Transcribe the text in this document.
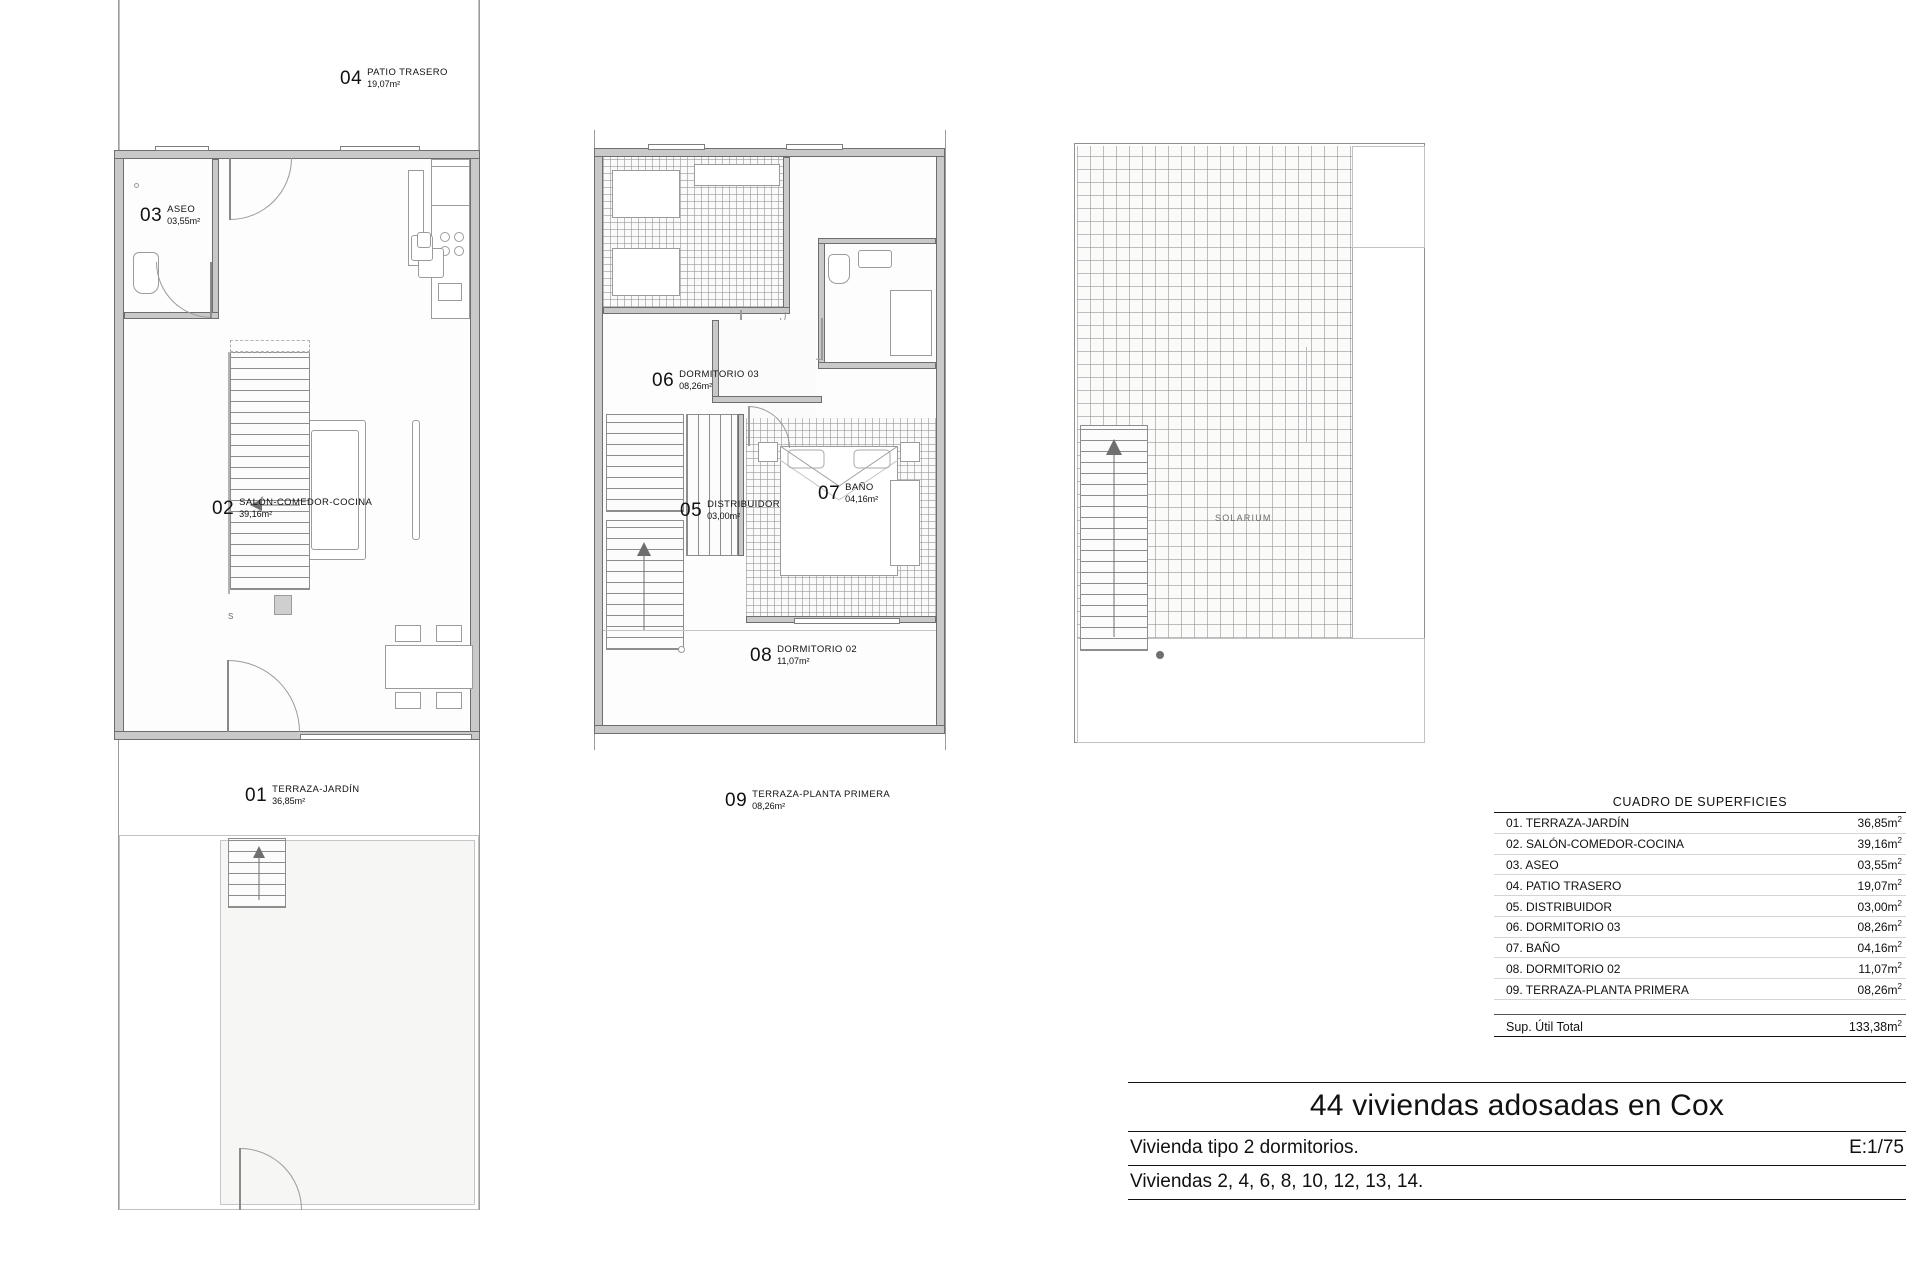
S
04 PATIO TRASERO
19,07m²
03 ASEO
03,55m²
02 SALÓN-COMEDOR-COCINA
39,16m²
01 TERRAZA-JARDÍN
36,85m²
06 DORMITORIO 03
08,26m²
07 BAÑO
04,16m²
05 DISTRIBUIDOR
03,00m²
08 DORMITORIO 02
11,07m²
09 TERRAZA-PLANTA PRIMERA
08,26m²
SOLARIUM
CUADRO DE SUPERFICIES
01. TERRAZA-JARDÍN	$36,85m^2$
02. SALÓN-COMEDOR-COCINA	$39,16m^2$
03. ASEO	$03,55m^2$
04. PATIO TRASERO	$19,07m^2$
05. DISTRIBUIDOR	$03,00m^2$
06. DORMITORIO 03	$08,26m^2$
07. BAÑO	$04,16m^2$
08. DORMITORIO 02	$11,07m^2$
09. TERRAZA-PLANTA PRIMERA	$08,26m^2$
Sup. Útil Total	$133,38m^2$
44 viviendas adosadas en Cox
Vivienda tipo 2 dormitorios.	E:1/75
Viviendas 2, 4, 6, 8, 10, 12, 13, 14.
